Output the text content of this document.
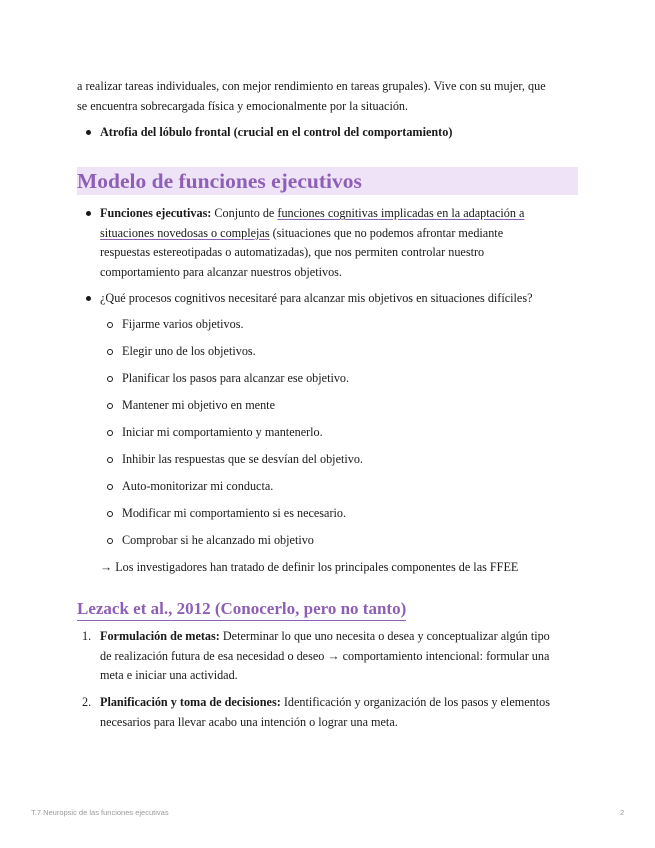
a realizar tareas individuales, con mejor rendimiento en tareas grupales). Vive con su mujer, que
se encuentra sobrecargada física y emocionalmente por la situación.
Atrofia del lóbulo frontal (crucial en el control del comportamiento)
Modelo de funciones ejecutivos
Funciones ejecutivas: Conjunto de funciones cognitivas implicadas en la adaptación a
situaciones novedosas o complejas (situaciones que no podemos afrontar mediante
respuestas estereotipadas o automatizadas), que nos permiten controlar nuestro
comportamiento para alcanzar nuestros objetivos.
¿Qué procesos cognitivos necesitaré para alcanzar mis objetivos en situaciones difíciles?
Fijarme varios objetivos.
Elegir uno de los objetivos.
Planificar los pasos para alcanzar ese objetivo.
Mantener mi objetivo en mente
Iniciar mi comportamiento y mantenerlo.
Inhibir las respuestas que se desvían del objetivo.
Auto-monitorizar mi conducta.
Modificar mi comportamiento si es necesario.
Comprobar si he alcanzado mi objetivo
→ Los investigadores han tratado de definir los principales componentes de las FFEE
Lezack et al., 2012 (Conocerlo, pero no tanto)
1. Formulación de metas: Determinar lo que uno necesita o desea y conceptualizar algún tipo
de realización futura de esa necesidad o deseo → comportamiento intencional: formular una
meta e iniciar una actividad.
2. Planificación y toma de decisiones: Identificación y organización de los pasos y elementos
necesarios para llevar acabo una intención o lograr una meta.
T.7 Neuropsic de las funciones ejecutivas	2
